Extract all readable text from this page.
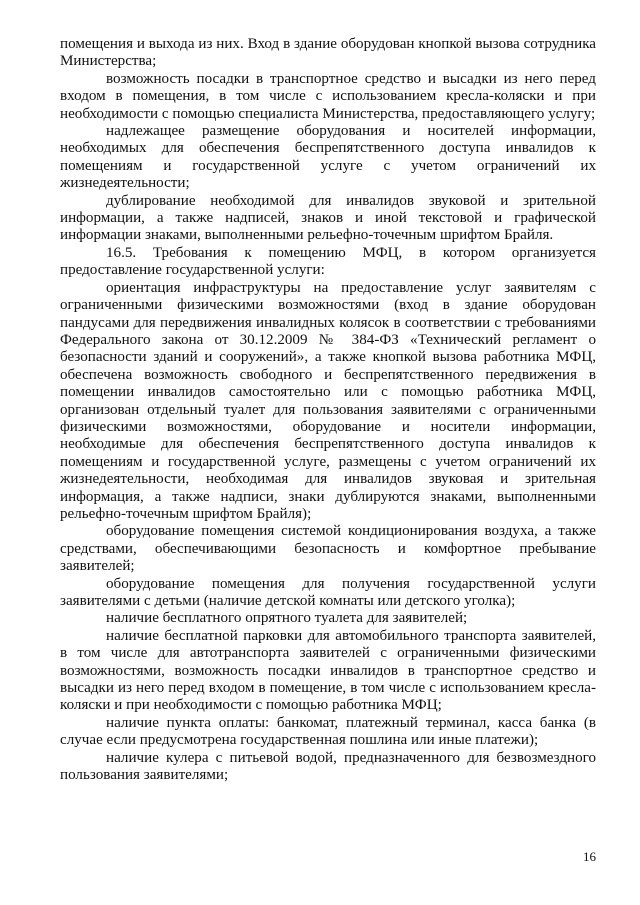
помещения и выхода из них. Вход в здание оборудован кнопкой вызова сотрудника Министерства;

возможность посадки в транспортное средство и высадки из него перед входом в помещения, в том числе с использованием кресла-коляски и при необходимости с помощью специалиста Министерства, предоставляющего услугу;

надлежащее размещение оборудования и носителей информации, необходимых для обеспечения беспрепятственного доступа инвалидов к помещениям и государственной услуге с учетом ограничений их жизнедеятельности;

дублирование необходимой для инвалидов звуковой и зрительной информации, а также надписей, знаков и иной текстовой и графической информации знаками, выполненными рельефно-точечным шрифтом Брайля.

16.5. Требования к помещению МФЦ, в котором организуется предоставление государственной услуги:

ориентация инфраструктуры на предоставление услуг заявителям с ограниченными физическими возможностями (вход в здание оборудован пандусами для передвижения инвалидных колясок в соответствии с требованиями Федерального закона от 30.12.2009 № 384-ФЗ «Технический регламент о безопасности зданий и сооружений», а также кнопкой вызова работника МФЦ, обеспечена возможность свободного и беспрепятственного передвижения в помещении инвалидов самостоятельно или с помощью работника МФЦ, организован отдельный туалет для пользования заявителями с ограниченными физическими возможностями, оборудование и носители информации, необходимые для обеспечения беспрепятственного доступа инвалидов к помещениям и государственной услуге, размещены с учетом ограничений их жизнедеятельности, необходимая для инвалидов звуковая и зрительная информация, а также надписи, знаки дублируются знаками, выполненными рельефно-точечным шрифтом Брайля);

оборудование помещения системой кондиционирования воздуха, а также средствами, обеспечивающими безопасность и комфортное пребывание заявителей;

оборудование помещения для получения государственной услуги заявителями с детьми (наличие детской комнаты или детского уголка);

наличие бесплатного опрятного туалета для заявителей;

наличие бесплатной парковки для автомобильного транспорта заявителей, в том числе для автотранспорта заявителей с ограниченными физическими возможностями, возможность посадки инвалидов в транспортное средство и высадки из него перед входом в помещение, в том числе с использованием кресла-коляски и при необходимости с помощью работника МФЦ;

наличие пункта оплаты: банкомат, платежный терминал, касса банка (в случае если предусмотрена государственная пошлина или иные платежи);

наличие кулера с питьевой водой, предназначенного для безвозмездного пользования заявителями;

16
